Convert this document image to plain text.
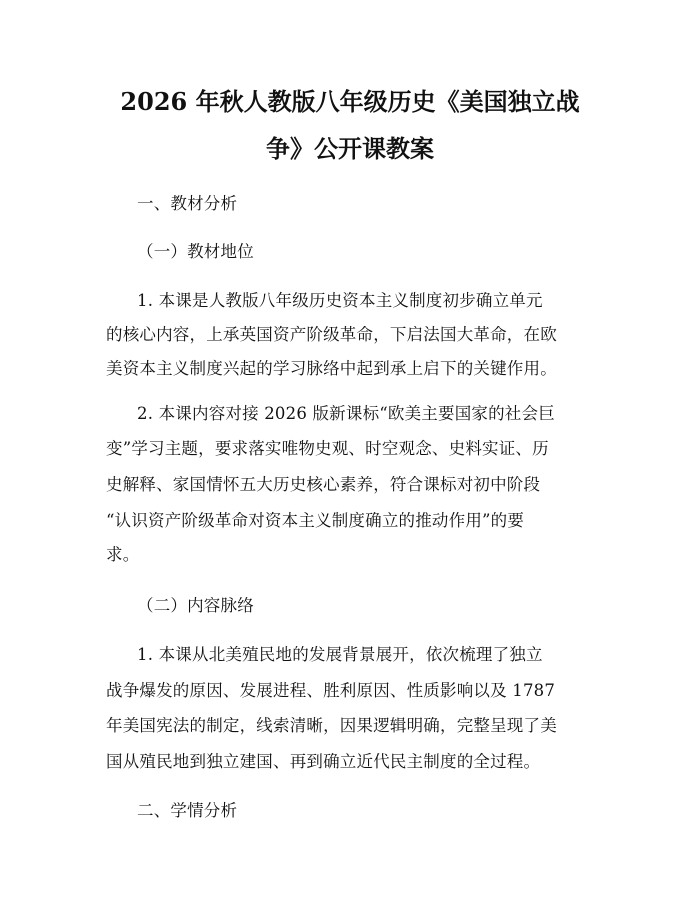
2026 年秋人教版八年级历史《美国独立战
争》公开课教案
一、教材分析
（一）教材地位
1. 本课是人教版八年级历史资本主义制度初步确立单元
的核心内容，上承英国资产阶级革命，下启法国大革命，在欧
美资本主义制度兴起的学习脉络中起到承上启下的关键作用。
2. 本课内容对接 2026 版新课标“欧美主要国家的社会巨
变”学习主题，要求落实唯物史观、时空观念、史料实证、历
史解释、家国情怀五大历史核心素养，符合课标对初中阶段
“认识资产阶级革命对资本主义制度确立的推动作用”的要
求。
（二）内容脉络
1. 本课从北美殖民地的发展背景展开，依次梳理了独立
战争爆发的原因、发展进程、胜利原因、性质影响以及 1787
年美国宪法的制定，线索清晰，因果逻辑明确，完整呈现了美
国从殖民地到独立建国、再到确立近代民主制度的全过程。
二、学情分析
